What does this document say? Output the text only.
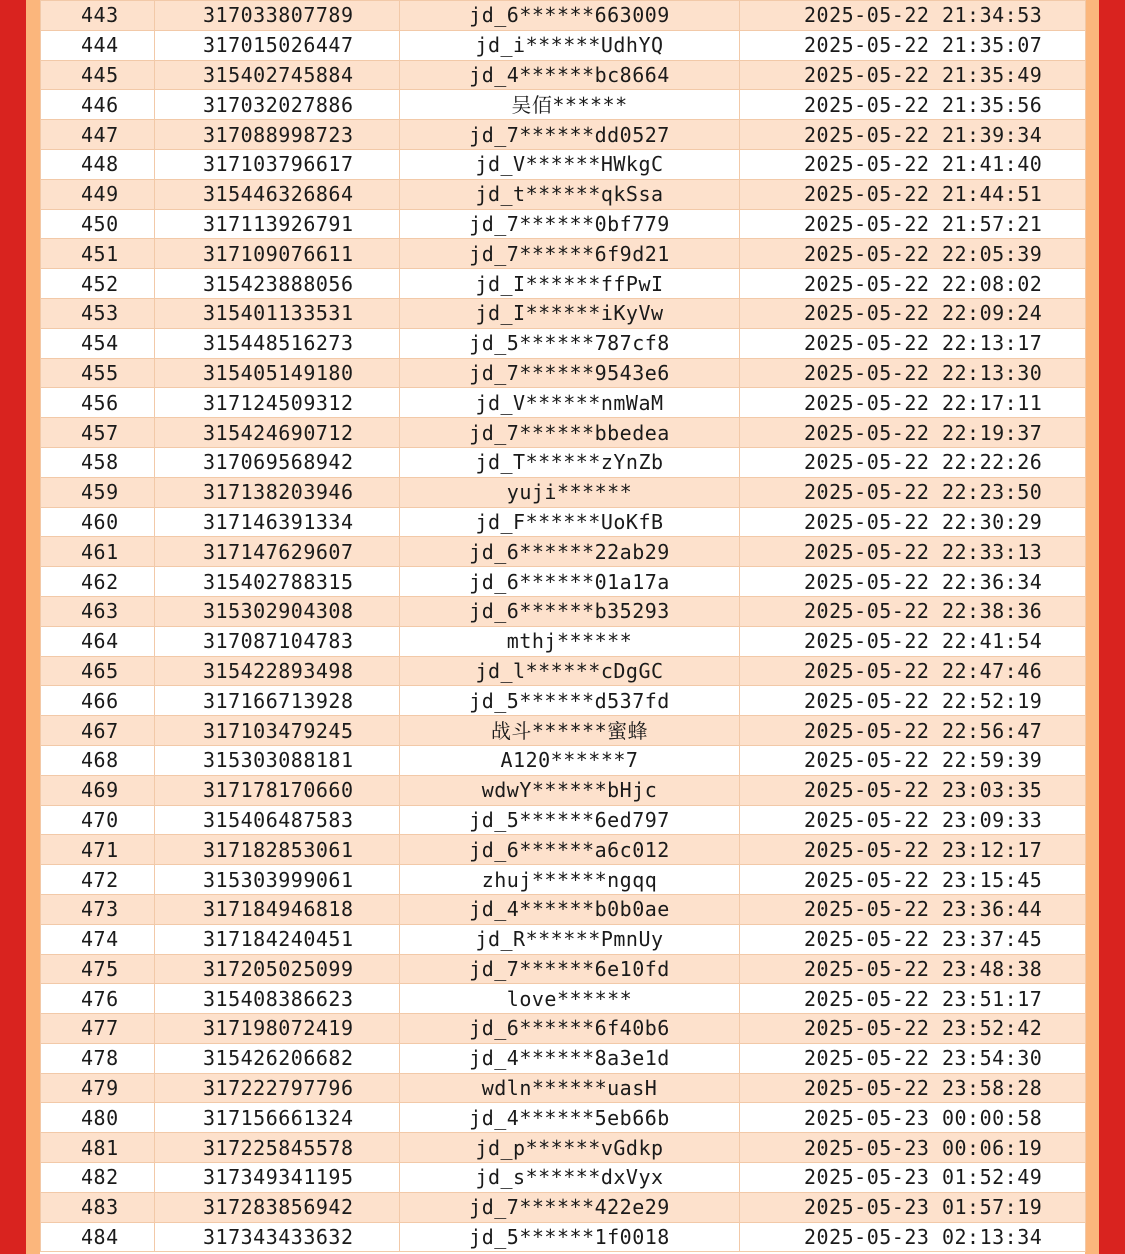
443	317033807789	jd_6******663009	2025-05-22 21:34:53
444	317015026447	jd_i******UdhYQ	2025-05-22 21:35:07
445	315402745884	jd_4******bc8664	2025-05-22 21:35:49
446	317032027886	吴佰******	2025-05-22 21:35:56
447	317088998723	jd_7******dd0527	2025-05-22 21:39:34
448	317103796617	jd_V******HWkgC	2025-05-22 21:41:40
449	315446326864	jd_t******qkSsa	2025-05-22 21:44:51
450	317113926791	jd_7******0bf779	2025-05-22 21:57:21
451	317109076611	jd_7******6f9d21	2025-05-22 22:05:39
452	315423888056	jd_I******ffPwI	2025-05-22 22:08:02
453	315401133531	jd_I******iKyVw	2025-05-22 22:09:24
454	315448516273	jd_5******787cf8	2025-05-22 22:13:17
455	315405149180	jd_7******9543e6	2025-05-22 22:13:30
456	317124509312	jd_V******nmWaM	2025-05-22 22:17:11
457	315424690712	jd_7******bbedea	2025-05-22 22:19:37
458	317069568942	jd_T******zYnZb	2025-05-22 22:22:26
459	317138203946	yuji******	2025-05-22 22:23:50
460	317146391334	jd_F******UoKfB	2025-05-22 22:30:29
461	317147629607	jd_6******22ab29	2025-05-22 22:33:13
462	315402788315	jd_6******01a17a	2025-05-22 22:36:34
463	315302904308	jd_6******b35293	2025-05-22 22:38:36
464	317087104783	mthj******	2025-05-22 22:41:54
465	315422893498	jd_l******cDgGC	2025-05-22 22:47:46
466	317166713928	jd_5******d537fd	2025-05-22 22:52:19
467	317103479245	战斗******蜜蜂	2025-05-22 22:56:47
468	315303088181	A120******7	2025-05-22 22:59:39
469	317178170660	wdwY******bHjc	2025-05-22 23:03:35
470	315406487583	jd_5******6ed797	2025-05-22 23:09:33
471	317182853061	jd_6******a6c012	2025-05-22 23:12:17
472	315303999061	zhuj******ngqq	2025-05-22 23:15:45
473	317184946818	jd_4******b0b0ae	2025-05-22 23:36:44
474	317184240451	jd_R******PmnUy	2025-05-22 23:37:45
475	317205025099	jd_7******6e10fd	2025-05-22 23:48:38
476	315408386623	love******	2025-05-22 23:51:17
477	317198072419	jd_6******6f40b6	2025-05-22 23:52:42
478	315426206682	jd_4******8a3e1d	2025-05-22 23:54:30
479	317222797796	wdln******uasH	2025-05-22 23:58:28
480	317156661324	jd_4******5eb66b	2025-05-23 00:00:58
481	317225845578	jd_p******vGdkp	2025-05-23 00:06:19
482	317349341195	jd_s******dxVyx	2025-05-23 01:52:49
483	317283856942	jd_7******422e29	2025-05-23 01:57:19
484	317343433632	jd_5******1f0018	2025-05-23 02:13:34
